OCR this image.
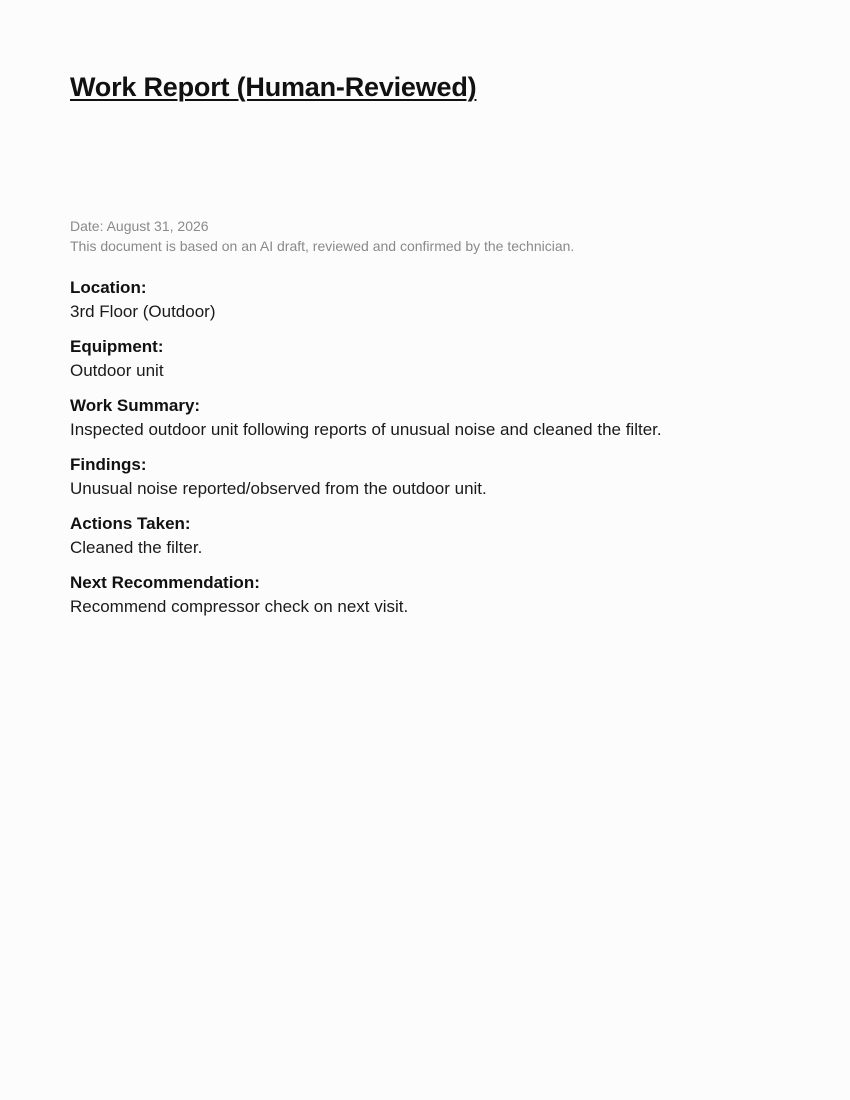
Work Report (Human-Reviewed)
Date: August 31, 2026
This document is based on an AI draft, reviewed and confirmed by the technician.
Location:
3rd Floor (Outdoor)
Equipment:
Outdoor unit
Work Summary:
Inspected outdoor unit following reports of unusual noise and cleaned the filter.
Findings:
Unusual noise reported/observed from the outdoor unit.
Actions Taken:
Cleaned the filter.
Next Recommendation:
Recommend compressor check on next visit.
